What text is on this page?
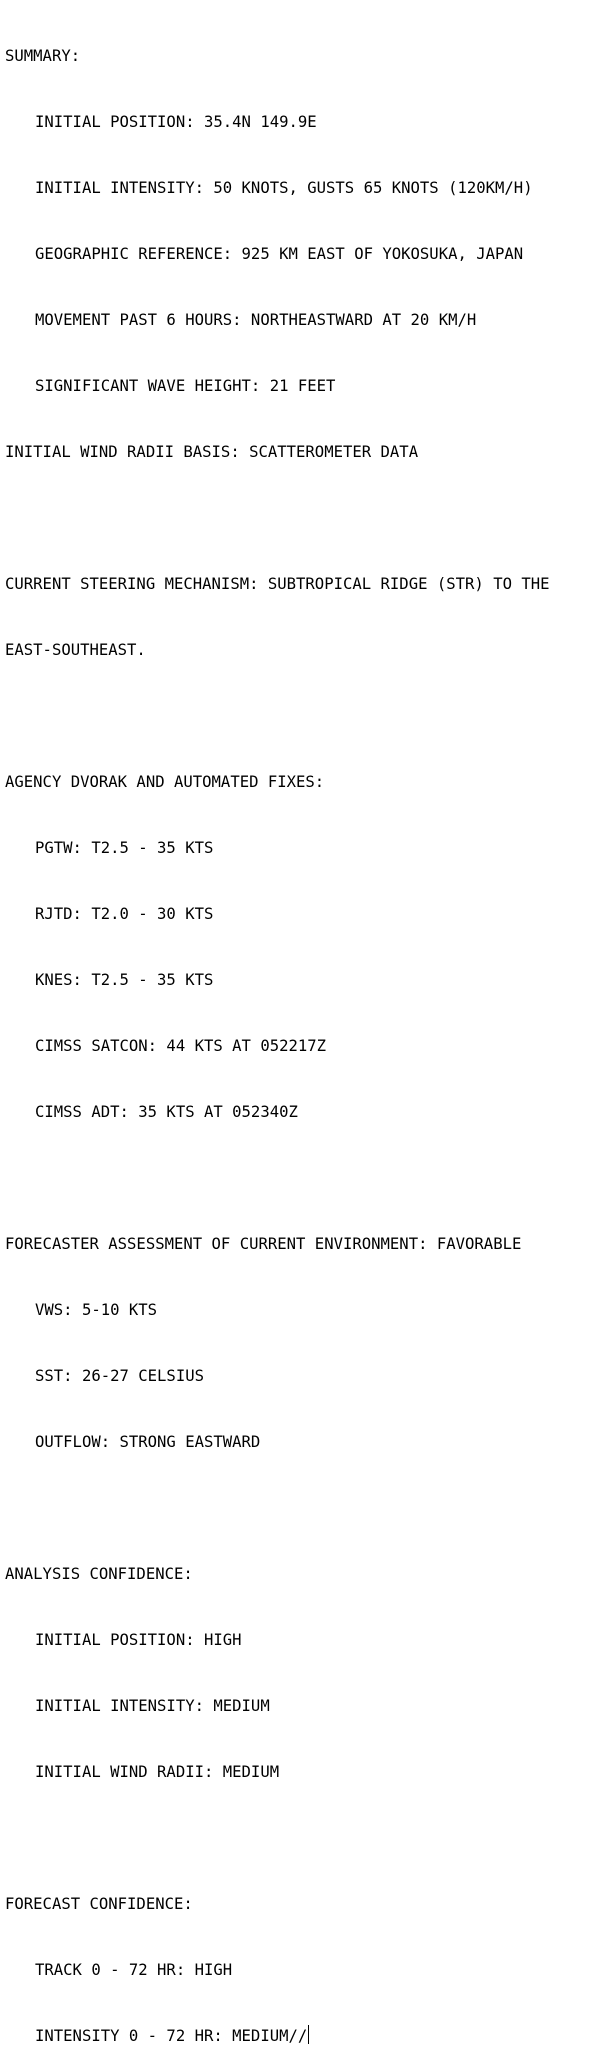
SUMMARY:

INITIAL POSITION: 35.4N 149.9E

INITIAL INTENSITY: 50 KNOTS, GUSTS 65 KNOTS (120KM/H)

GEOGRAPHIC REFERENCE: 925 KM EAST OF YOKOSUKA, JAPAN

MOVEMENT PAST 6 HOURS: NORTHEASTWARD AT 20 KM/H

SIGNIFICANT WAVE HEIGHT: 21 FEET

INITIAL WIND RADII BASIS: SCATTEROMETER DATA

CURRENT STEERING MECHANISM: SUBTROPICAL RIDGE (STR) TO THE

EAST-SOUTHEAST.

AGENCY DVORAK AND AUTOMATED FIXES:

PGTW: T2.5 - 35 KTS

RJTD: T2.0 - 30 KTS

KNES: T2.5 - 35 KTS

CIMSS SATCON: 44 KTS AT 052217Z

CIMSS ADT: 35 KTS AT 052340Z

FORECASTER ASSESSMENT OF CURRENT ENVIRONMENT: FAVORABLE

VWS: 5-10 KTS

SST: 26-27 CELSIUS

OUTFLOW: STRONG EASTWARD

ANALYSIS CONFIDENCE:

INITIAL POSITION: HIGH

INITIAL INTENSITY: MEDIUM

INITIAL WIND RADII: MEDIUM

FORECAST CONFIDENCE:

TRACK 0 - 72 HR: HIGH

INTENSITY 0 - 72 HR: MEDIUM//
